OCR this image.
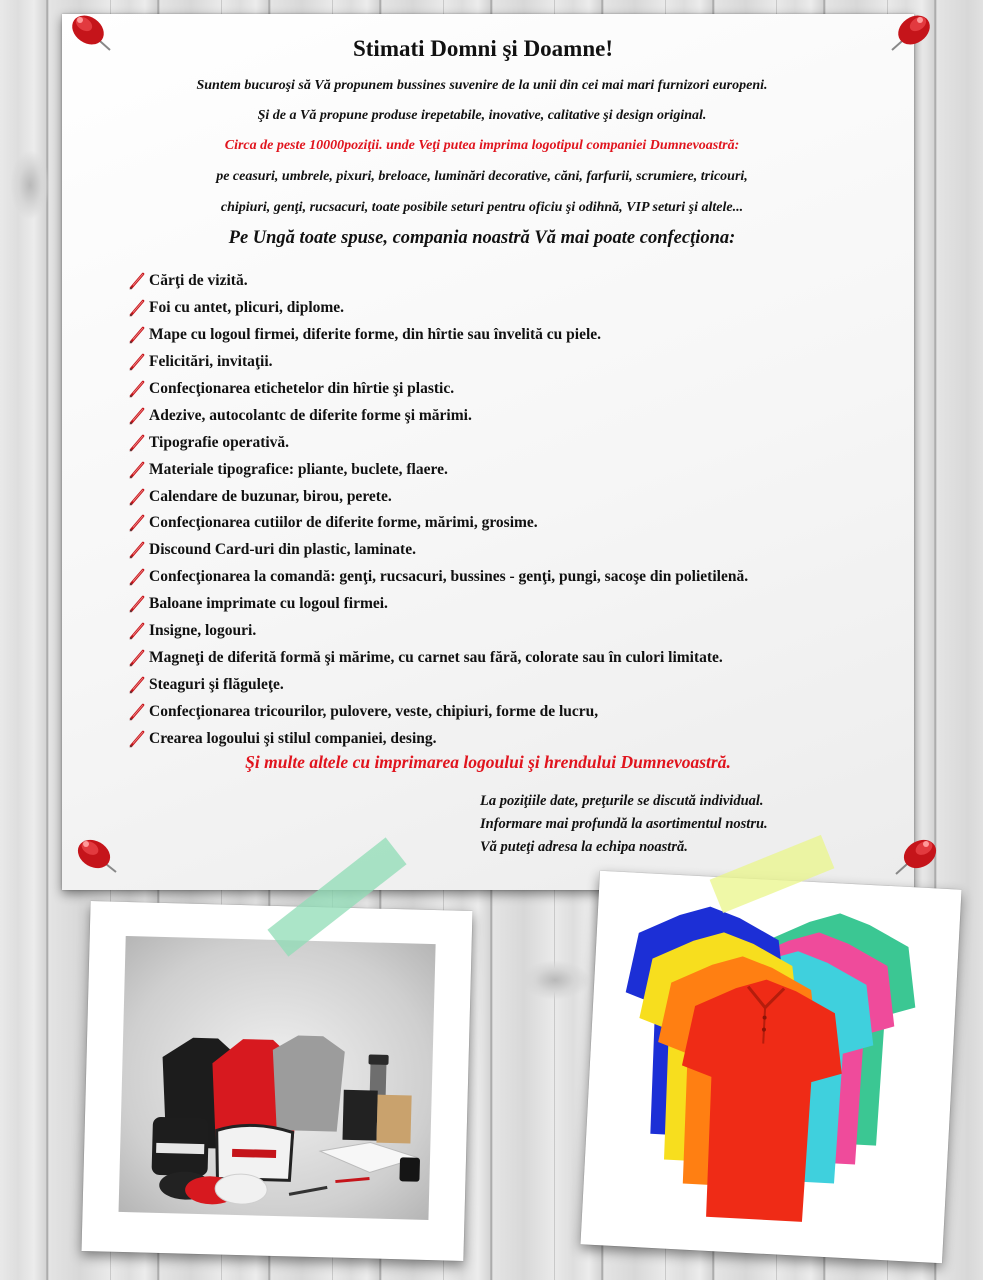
Stimati Domni şi Doamne!
Suntem bucuroşi să Vă propunem bussines suvenire de la unii din cei mai mari furnizori europeni.
Şi de a Vă propune produse irepetabile, inovative, calitative şi design original.
Circa de peste 10000poziţii. unde Veţi putea imprima logotipul companiei Dumnevoastră:
pe ceasuri, umbrele, pixuri, breloace, luminări decorative, căni, farfurii, scrumiere, tricouri,
chipiuri, genţi, rucsacuri, toate posibile seturi pentru oficiu şi odihnă, VIP seturi şi altele...
Pe Ungă toate spuse, compania noastră Vă mai poate confecţiona:
Cărţi de vizită.
Foi cu antet, plicuri, diplome.
Mape cu logoul firmei, diferite forme, din hîrtie sau învelită cu piele.
Felicitări, invitaţii.
Confecţionarea etichetelor din hîrtie şi plastic.
Adezive, autocolantc de diferite forme şi mărimi.
Tipografie operativă.
Materiale tipografice: pliante, buclete, flaere.
Calendare de buzunar, birou, perete.
Confecţionarea cutiilor de diferite forme, mărimi, grosime.
Discound Card-uri din plastic, laminate.
Confecţionarea la comandă: genţi, rucsacuri, bussines - genţi, pungi, sacoşe din polietilenă.
Baloane imprimate cu logoul firmei.
Insigne, logouri.
Magneţi de diferită formă şi mărime, cu carnet sau fără, colorate sau în culori limitate.
Steaguri şi flăguleţe.
Confecţionarea tricourilor, pulovere, veste, chipiuri, forme de lucru,
Crearea logoului şi stilul companiei, desing.
Şi multe altele cu imprimarea logoului şi hrendului Dumnevoastră.
La poziţiile date, preţurile se discută individual.
Informare mai profundă la asortimentul nostru.
Vă puteţi adresa la echipa noastră.
